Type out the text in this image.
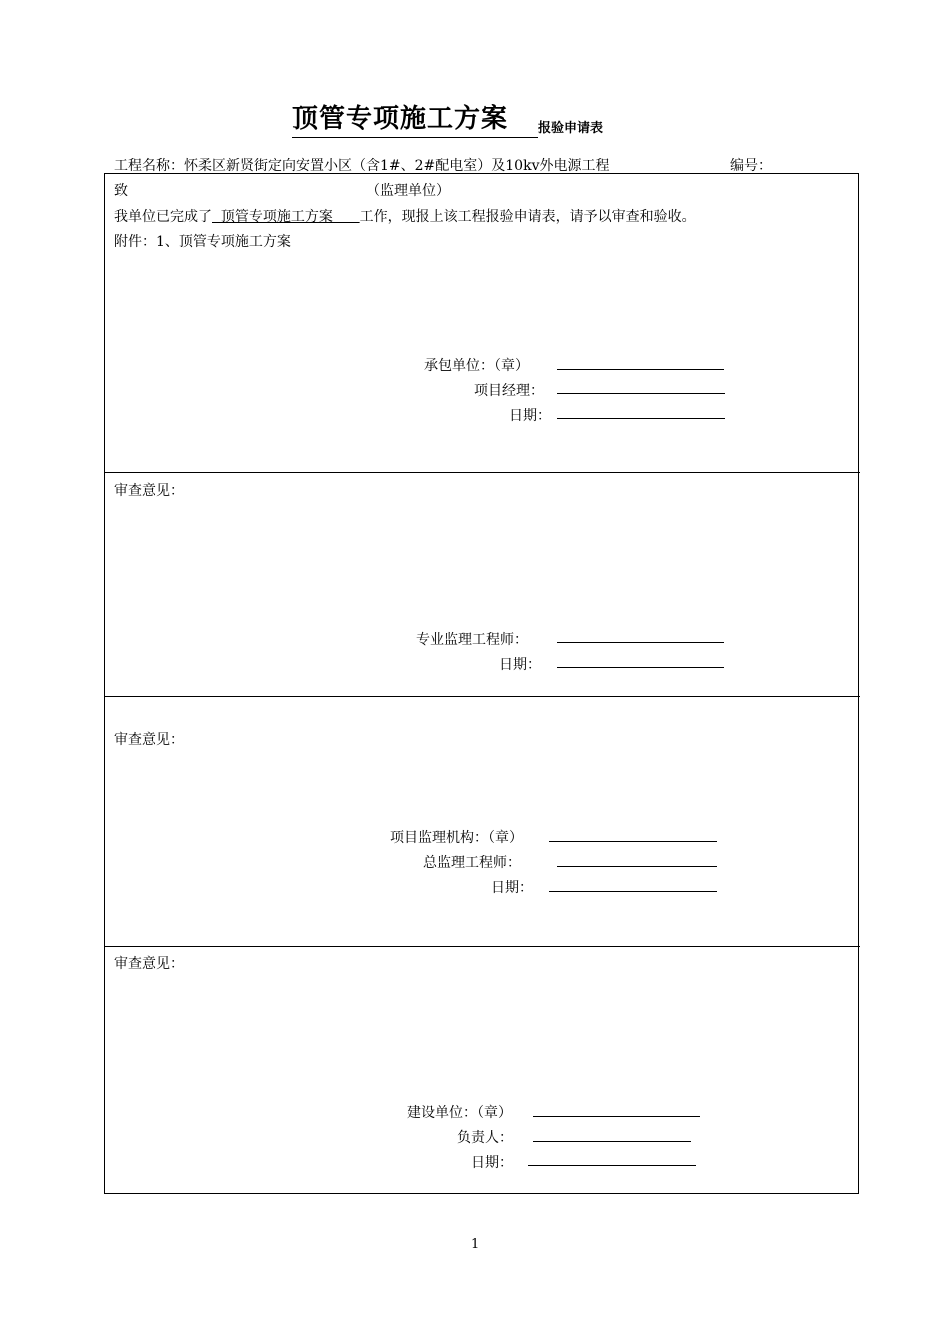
顶管专项施工方案 报验申请表
工程名称：怀柔区新贤街定向安置小区（含1#、2#配电室）及10kv外电源工程	编号：
致	（监理单位）
我单位已完成了  顶管专项施工方案      工作，现报上该工程报验申请表，请予以审查和验收。
附件：1、顶管专项施工方案
承包单位：（章）
项目经理：
日期：
审查意见：
专业监理工程师：
日期：
审查意见：
项目监理机构：（章）
总监理工程师：
日期：
审查意见：
建设单位：（章）
负责人：
日期：
1
